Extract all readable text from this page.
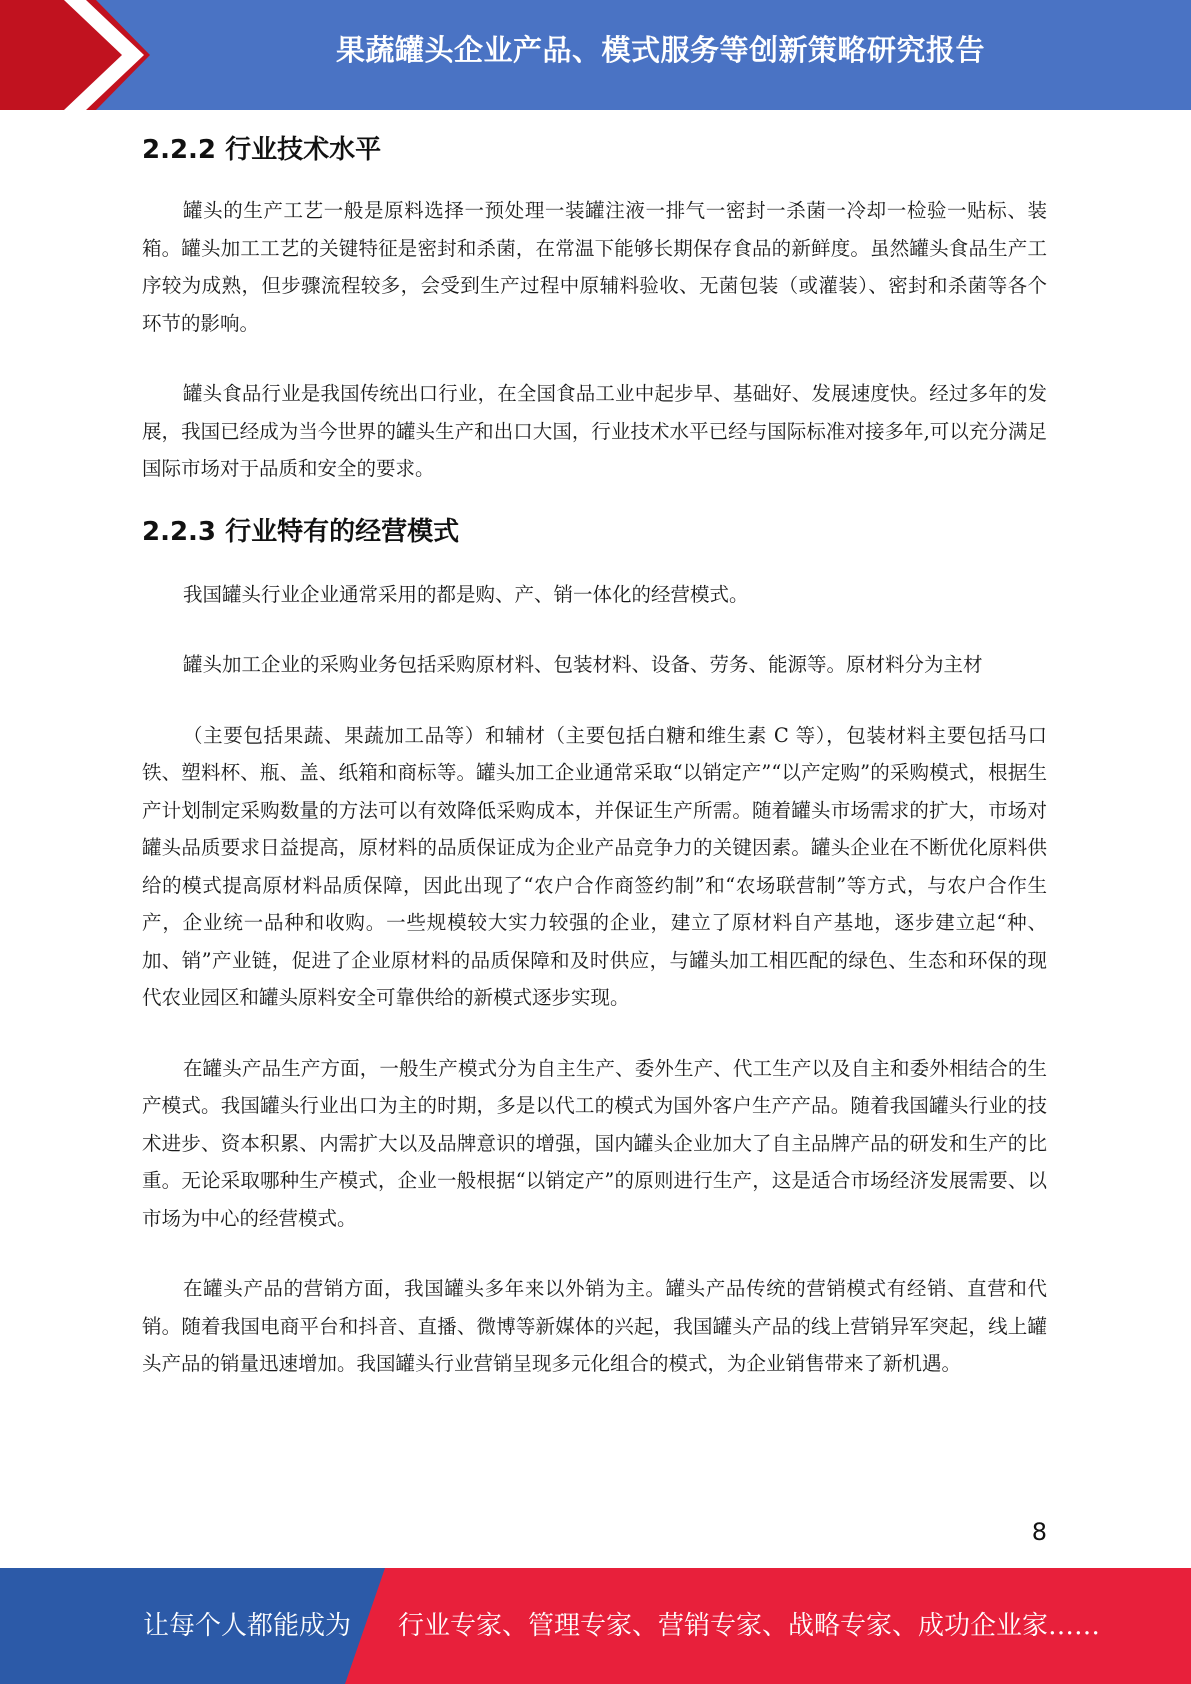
果蔬罐头企业产品、模式服务等创新策略研究报告
2.2.2 行业技术水平

罐头的生产工艺一般是原料选择一预处理一装罐注液一排气一密封一杀菌一冷却一检验一贴标、装箱。罐头加工工艺的关键特征是密封和杀菌，在常温下能够长期保存食品的新鲜度。虽然罐头食品生产工序较为成熟，但步骤流程较多，会受到生产过程中原辅料验收、无菌包装（或灌装）、密封和杀菌等各个环节的影响。

罐头食品行业是我国传统出口行业，在全国食品工业中起步早、基础好、发展速度快。经过多年的发展，我国已经成为当今世界的罐头生产和出口大国，行业技术水平已经与国际标准对接多年,可以充分满足国际市场对于品质和安全的要求。

2.2.3 行业特有的经营模式

我国罐头行业企业通常采用的都是购、产、销一体化的经营模式。

罐头加工企业的采购业务包括采购原材料、包装材料、设备、劳务、能源等。原材料分为主材

（主要包括果蔬、果蔬加工品等）和辅材（主要包括白糖和维生素 C 等），包装材料主要包括马口铁、塑料杯、瓶、盖、纸箱和商标等。罐头加工企业通常采取“以销定产”“以产定购”的采购模式，根据生产计划制定采购数量的方法可以有效降低采购成本，并保证生产所需。随着罐头市场需求的扩大，市场对罐头品质要求日益提高，原材料的品质保证成为企业产品竞争力的关键因素。罐头企业在不断优化原料供给的模式提高原材料品质保障，因此出现了“农户合作商签约制”和“农场联营制”等方式，与农户合作生产，企业统一品种和收购。一些规模较大实力较强的企业，建立了原材料自产基地，逐步建立起“种、加、销”产业链，促进了企业原材料的品质保障和及时供应，与罐头加工相匹配的绿色、生态和环保的现代农业园区和罐头原料安全可靠供给的新模式逐步实现。

在罐头产品生产方面，一般生产模式分为自主生产、委外生产、代工生产以及自主和委外相结合的生产模式。我国罐头行业出口为主的时期，多是以代工的模式为国外客户生产产品。随着我国罐头行业的技术进步、资本积累、内需扩大以及品牌意识的增强，国内罐头企业加大了自主品牌产品的研发和生产的比重。无论采取哪种生产模式，企业一般根据“以销定产”的原则进行生产，这是适合市场经济发展需要、以市场为中心的经营模式。

在罐头产品的营销方面，我国罐头多年来以外销为主。罐头产品传统的营销模式有经销、直营和代销。随着我国电商平台和抖音、直播、微博等新媒体的兴起，我国罐头产品的线上营销异军突起，线上罐头产品的销量迅速增加。我国罐头行业营销呈现多元化组合的模式，为企业销售带来了新机遇。

8
让每个人都能成为 行业专家、管理专家、营销专家、战略专家、成功企业家……
